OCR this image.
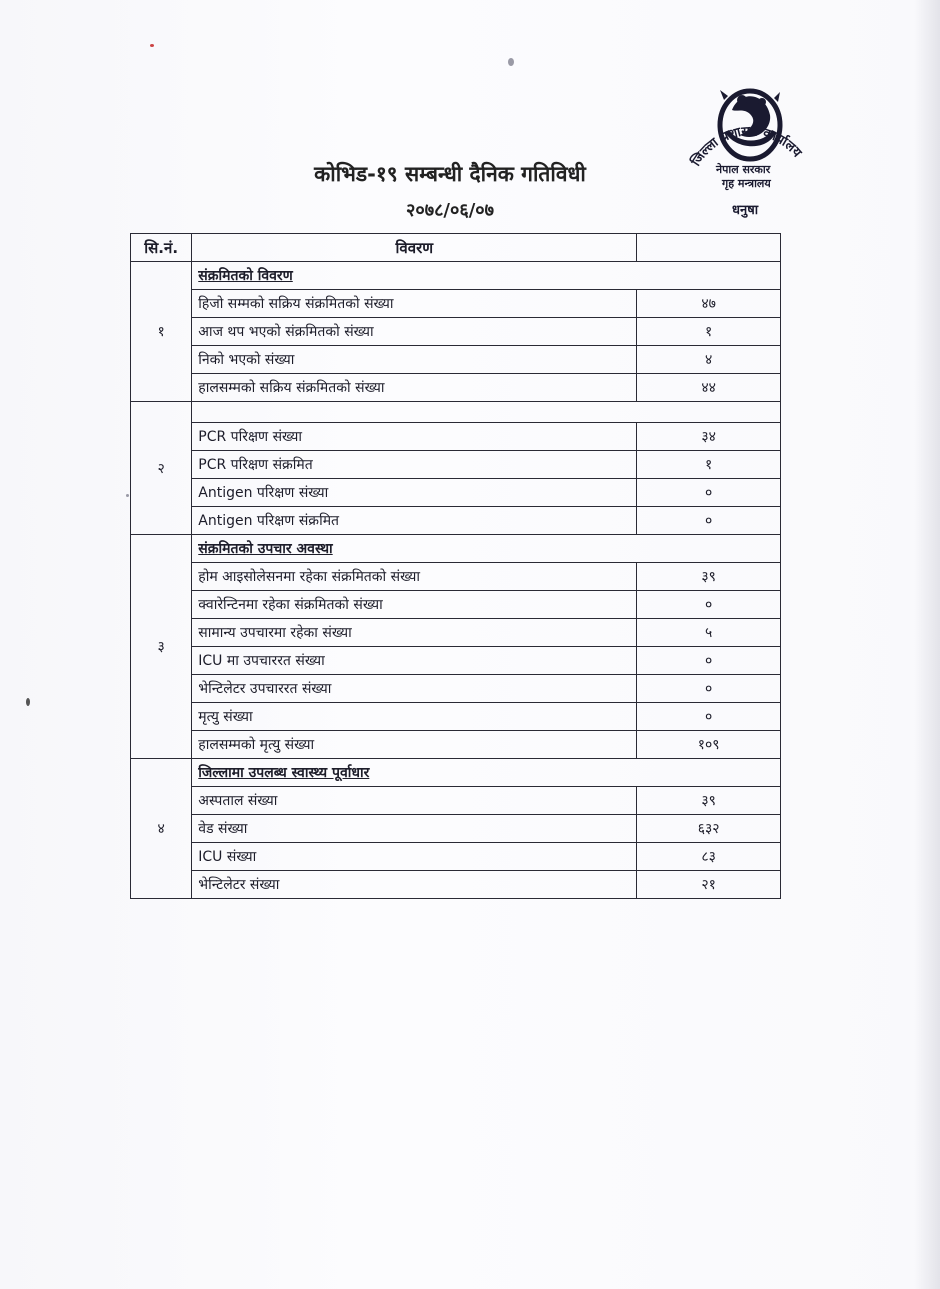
कोभिड-१९ सम्बन्धी दैनिक गतिविधी
२०७८/०६/०७
जिल्ला प्रशासन कार्यालय
नेपाल सरकार
गृह मन्त्रालय
धनुषा
सि.नं.	विवरण	
१	संक्रमितको विवरण	
	हिजो सम्मको सक्रिय संक्रमितको संख्या	४७
	आज थप भएको संक्रमितको संख्या	१
	निको भएको संख्या	४
	हालसम्मको सक्रिय संक्रमितको संख्या	४४
२		
	PCR परिक्षण संख्या	३४
	PCR परिक्षण संक्रमित	१
	Antigen परिक्षण संख्या	०
	Antigen परिक्षण संक्रमित	०
३	संक्रमितको उपचार अवस्था	
	होम आइसोलेसनमा रहेका संक्रमितको संख्या	३९
	क्वारेन्टिनमा रहेका संक्रमितको संख्या	०
	सामान्य उपचारमा रहेका संख्या	५
	ICU मा उपचाररत संख्या	०
	भेन्टिलेटर उपचाररत संख्या	०
	मृत्यु संख्या	०
	हालसम्मको मृत्यु संख्या	१०९
४	जिल्लामा उपलब्ध स्वास्थ्य पूर्वाधार	
	अस्पताल संख्या	३९
	वेड संख्या	६३२
	ICU संख्या	८३
	भेन्टिलेटर संख्या	२१
